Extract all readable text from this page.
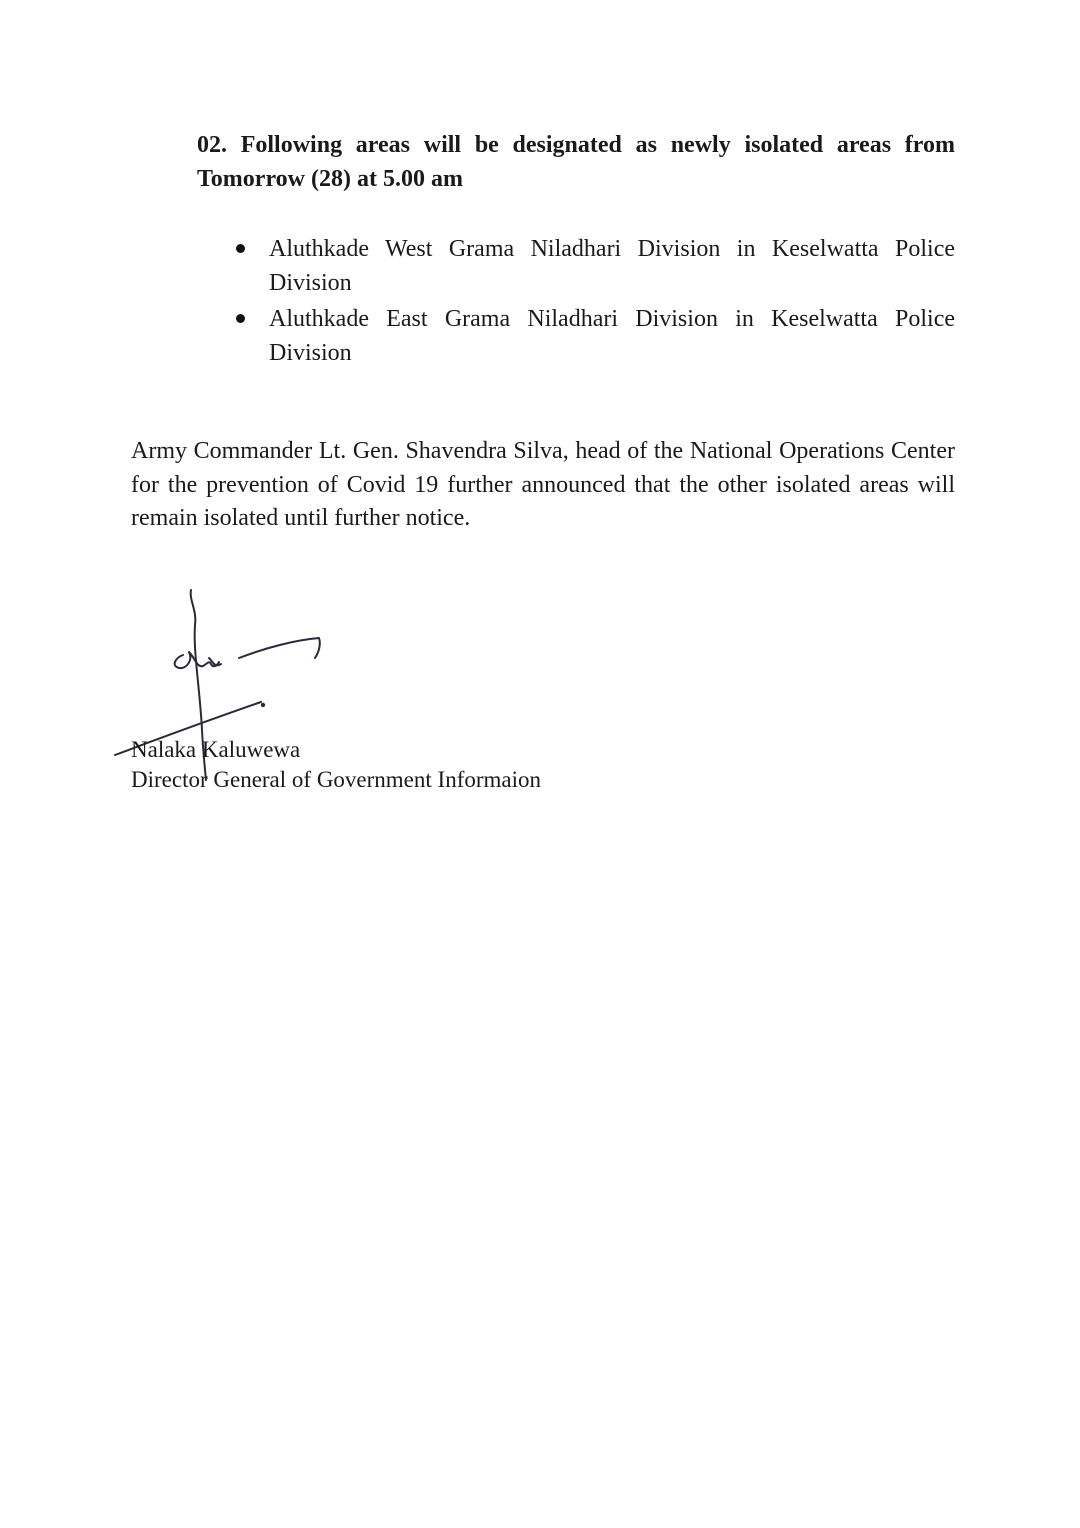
02. Following areas will be designated as newly isolated areas from Tomorrow (28) at 5.00 am

Aluthkade West Grama Niladhari Division in Keselwatta Police Division
Aluthkade East Grama Niladhari Division in Keselwatta Police Division

Army Commander Lt. Gen. Shavendra Silva, head of the National Operations Center for the prevention of Covid 19 further announced that the other isolated areas will remain isolated until further notice.

Nalaka Kaluwewa

Director General of Government Informaion
